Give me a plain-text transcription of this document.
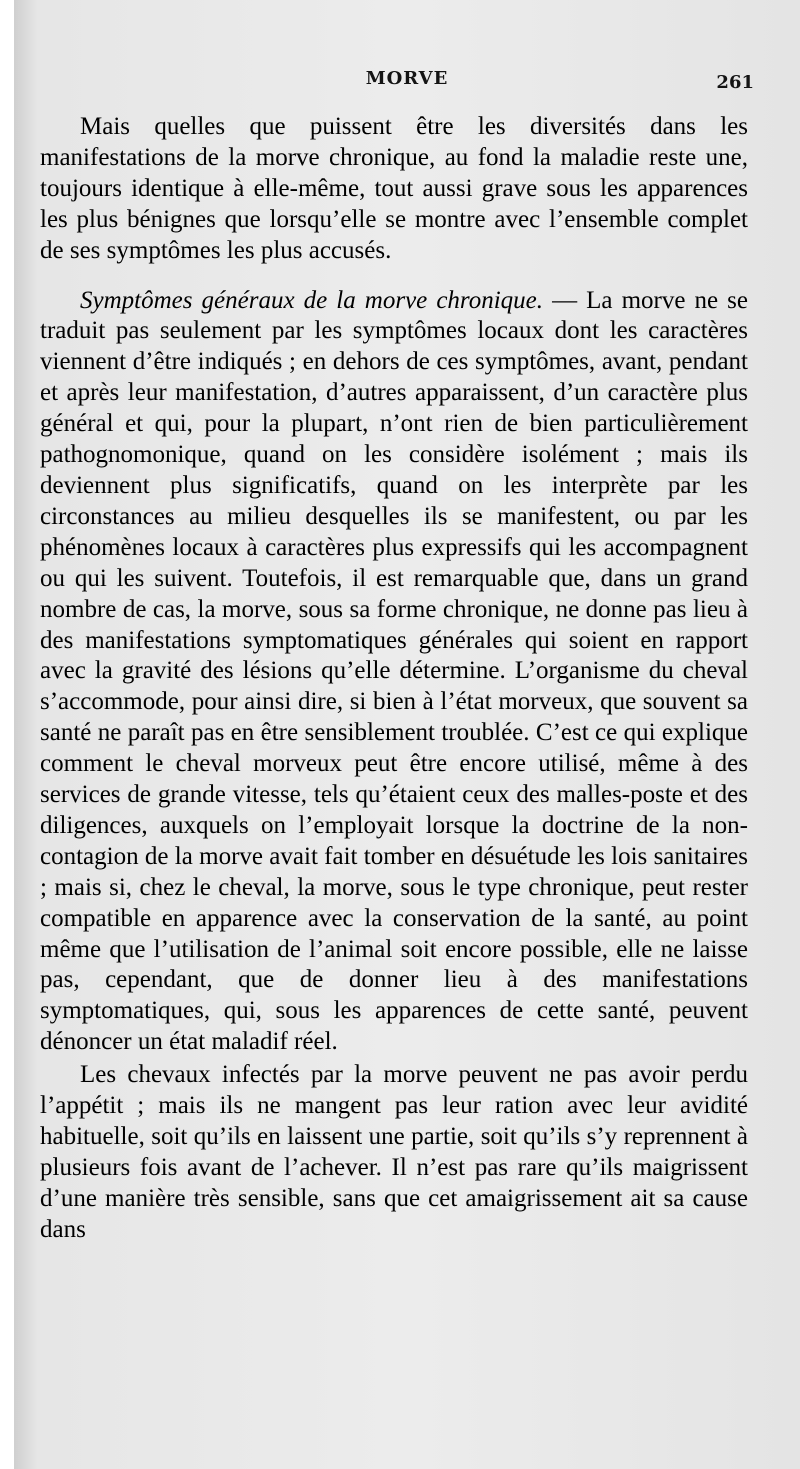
MORVE	261

Mais quelles que puissent être les diversités dans les manifestations de la morve chronique, au fond la maladie reste une, toujours identique à elle-même, tout aussi grave sous les apparences les plus bénignes que lorsqu’elle se montre avec l’ensemble complet de ses symptômes les plus accusés.

Symptômes généraux de la morve chronique. — La morve ne se traduit pas seulement par les symptômes locaux dont les caractères viennent d’être indiqués ; en dehors de ces symptômes, avant, pendant et après leur manifestation, d’autres apparaissent, d’un caractère plus général et qui, pour la plupart, n’ont rien de bien particulièrement pathognomonique, quand on les considère isolément ; mais ils deviennent plus significatifs, quand on les interprète par les circonstances au milieu desquelles ils se manifestent, ou par les phénomènes locaux à caractères plus expressifs qui les accompagnent ou qui les suivent. Toutefois, il est remarquable que, dans un grand nombre de cas, la morve, sous sa forme chronique, ne donne pas lieu à des manifestations symptomatiques générales qui soient en rapport avec la gravité des lésions qu’elle détermine. L’organisme du cheval s’accommode, pour ainsi dire, si bien à l’état morveux, que souvent sa santé ne paraît pas en être sensiblement troublée. C’est ce qui explique comment le cheval morveux peut être encore utilisé, même à des services de grande vitesse, tels qu’étaient ceux des malles-poste et des diligences, auxquels on l’employait lorsque la doctrine de la non-contagion de la morve avait fait tomber en désuétude les lois sanitaires ; mais si, chez le cheval, la morve, sous le type chronique, peut rester compatible en apparence avec la conservation de la santé, au point même que l’utilisation de l’animal soit encore possible, elle ne laisse pas, cependant, que de donner lieu à des manifestations symptomatiques, qui, sous les apparences de cette santé, peuvent dénoncer un état maladif réel.

Les chevaux infectés par la morve peuvent ne pas avoir perdu l’appétit ; mais ils ne mangent pas leur ration avec leur avidité habituelle, soit qu’ils en laissent une partie, soit qu’ils s’y reprennent à plusieurs fois avant de l’achever. Il n’est pas rare qu’ils maigrissent d’une manière très sensible, sans que cet amaigrissement ait sa cause dans
